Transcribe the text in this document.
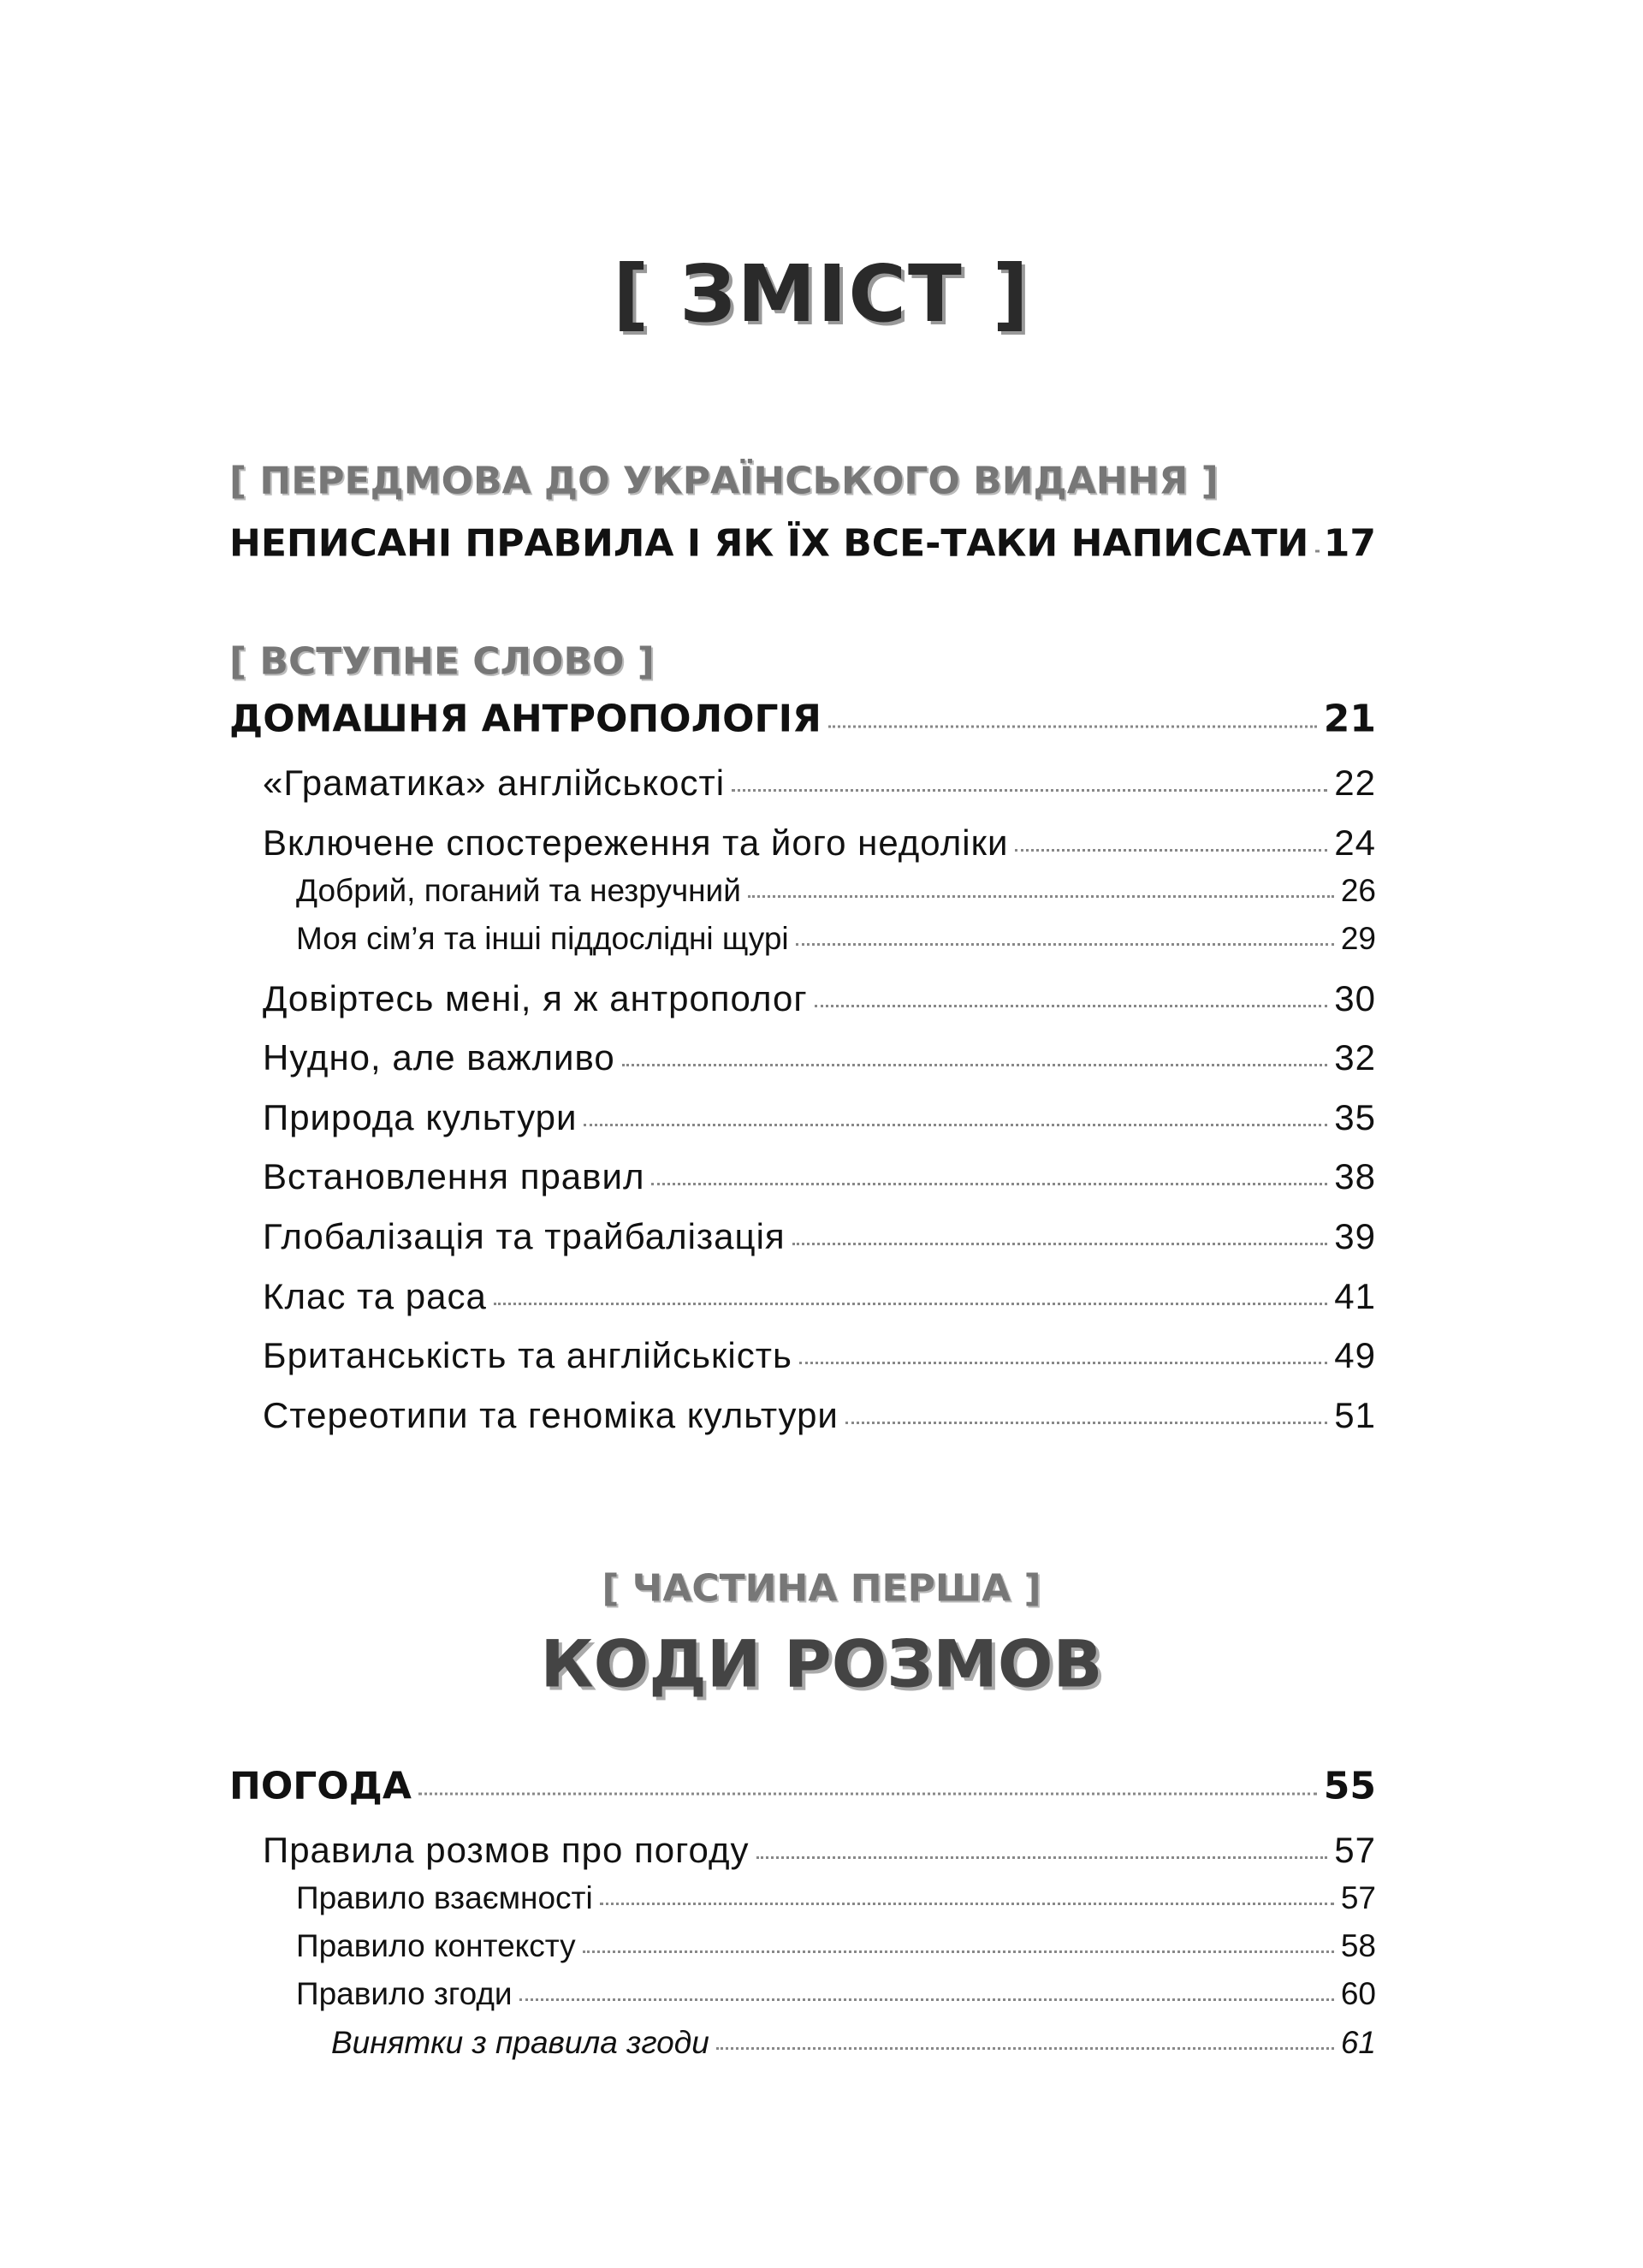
[ ЗМІСТ ]
[ ПЕРЕДМОВА ДО УКРАЇНСЬКОГО ВИДАННЯ ]
НЕПИСАНІ ПРАВИЛА І ЯК ЇХ ВСЕ-ТАКИ НАПИСАТИ 17
[ ВСТУПНЕ СЛОВО ]
ДОМАШНЯ АНТРОПОЛОГІЯ	21
«Граматика» англійськості	22
Включене спостереження та його недоліки	24
Добрий, поганий та незручний	26
Моя сім’я та інші піддослідні щурі	29
Довіртесь мені, я ж антрополог	30
Нудно, але важливо	32
Природа культури	35
Встановлення правил	38
Глобалізація та трайбалізація	39
Клас та раса	41
Британськість та англійськість	49
Стереотипи та геноміка культури	51
[ ЧАСТИНА ПЕРША ]
КОДИ РОЗМОВ
ПОГОДА	55
Правила розмов про погоду	57
Правило взаємності	57
Правило контексту	58
Правило згоди	60
Винятки з правила згоди	61
